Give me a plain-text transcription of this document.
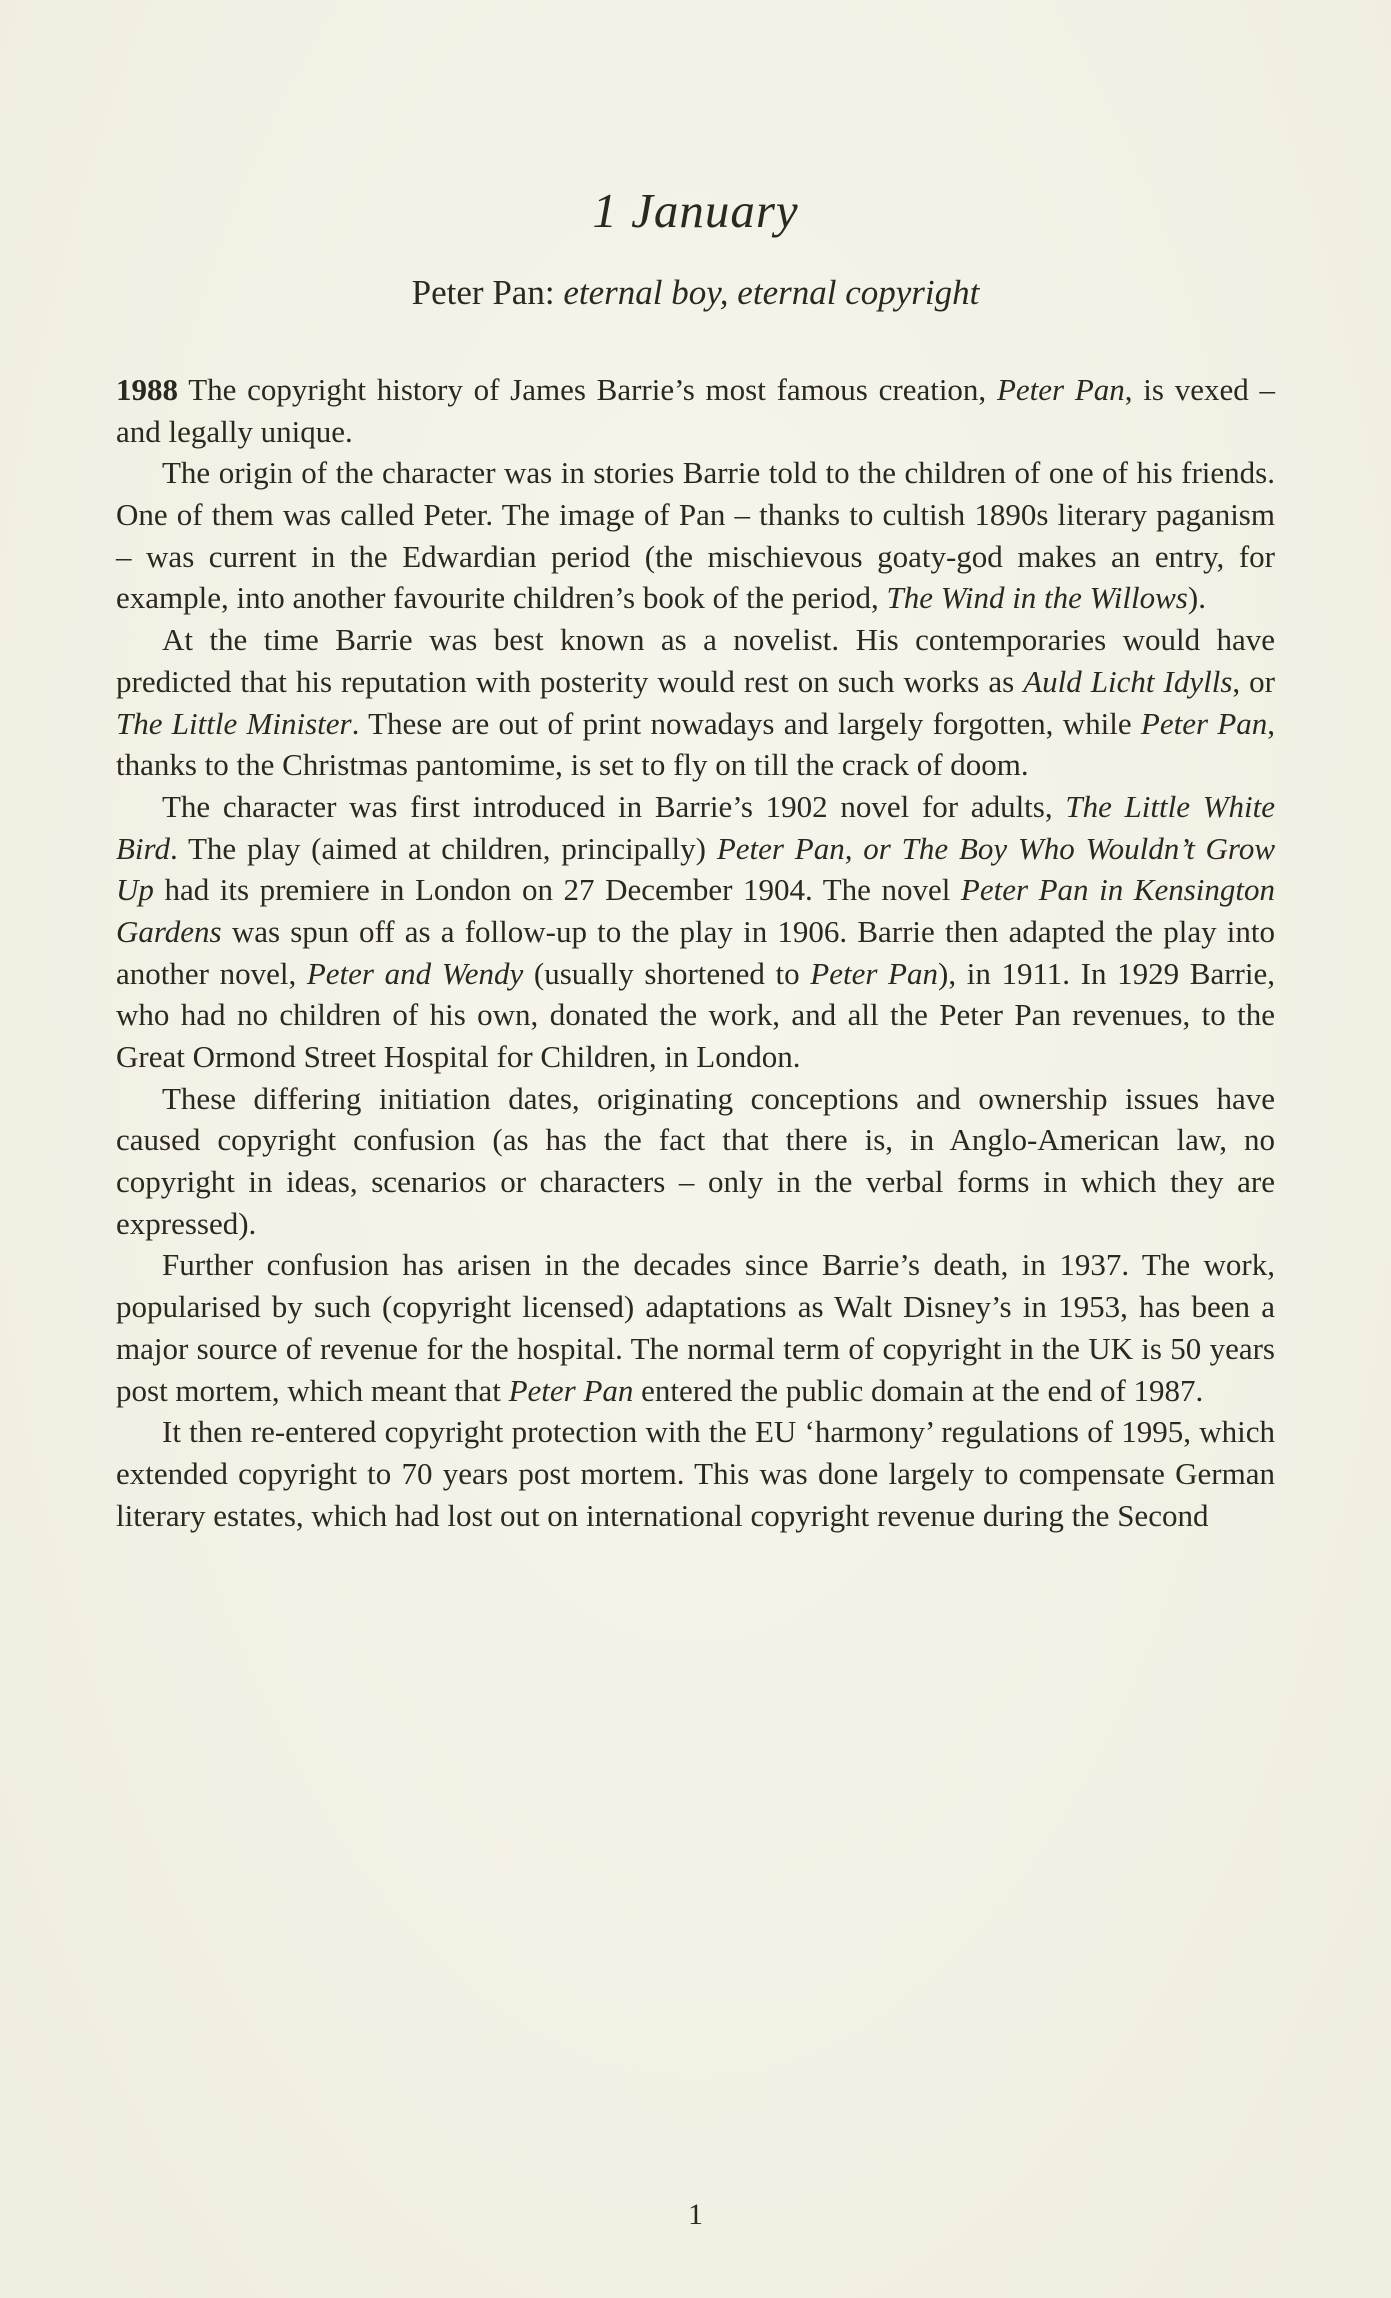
1 January
Peter Pan: eternal boy, eternal copyright

1988 The copyright history of James Barrie’s most famous creation, Peter Pan, is vexed – and legally unique.

The origin of the character was in stories Barrie told to the children of one of his friends. One of them was called Peter. The image of Pan – thanks to cultish 1890s literary paganism – was current in the Edwardian period (the mischievous goaty-god makes an entry, for example, into another favourite children’s book of the period, The Wind in the Willows).

At the time Barrie was best known as a novelist. His contemporaries would have predicted that his reputation with posterity would rest on such works as Auld Licht Idylls, or The Little Minister. These are out of print nowadays and largely forgotten, while Peter Pan, thanks to the Christmas pantomime, is set to fly on till the crack of doom.

The character was first introduced in Barrie’s 1902 novel for adults, The Little White Bird. The play (aimed at children, principally) Peter Pan, or The Boy Who Wouldn’t Grow Up had its premiere in London on 27 December 1904. The novel Peter Pan in Kensington Gardens was spun off as a follow-up to the play in 1906. Barrie then adapted the play into another novel, Peter and Wendy (usually shortened to Peter Pan), in 1911. In 1929 Barrie, who had no children of his own, donated the work, and all the Peter Pan revenues, to the Great Ormond Street Hospital for Children, in London.

These differing initiation dates, originating conceptions and ownership issues have caused copyright confusion (as has the fact that there is, in Anglo-American law, no copyright in ideas, scenarios or characters – only in the verbal forms in which they are expressed).

Further confusion has arisen in the decades since Barrie’s death, in 1937. The work, popularised by such (copyright licensed) adaptations as Walt Disney’s in 1953, has been a major source of revenue for the hospital. The normal term of copyright in the UK is 50 years post mortem, which meant that Peter Pan entered the public domain at the end of 1987.

It then re-entered copyright protection with the EU ‘harmony’ regulations of 1995, which extended copyright to 70 years post mortem. This was done largely to compensate German literary estates, which had lost out on international copyright revenue during the Second

1
